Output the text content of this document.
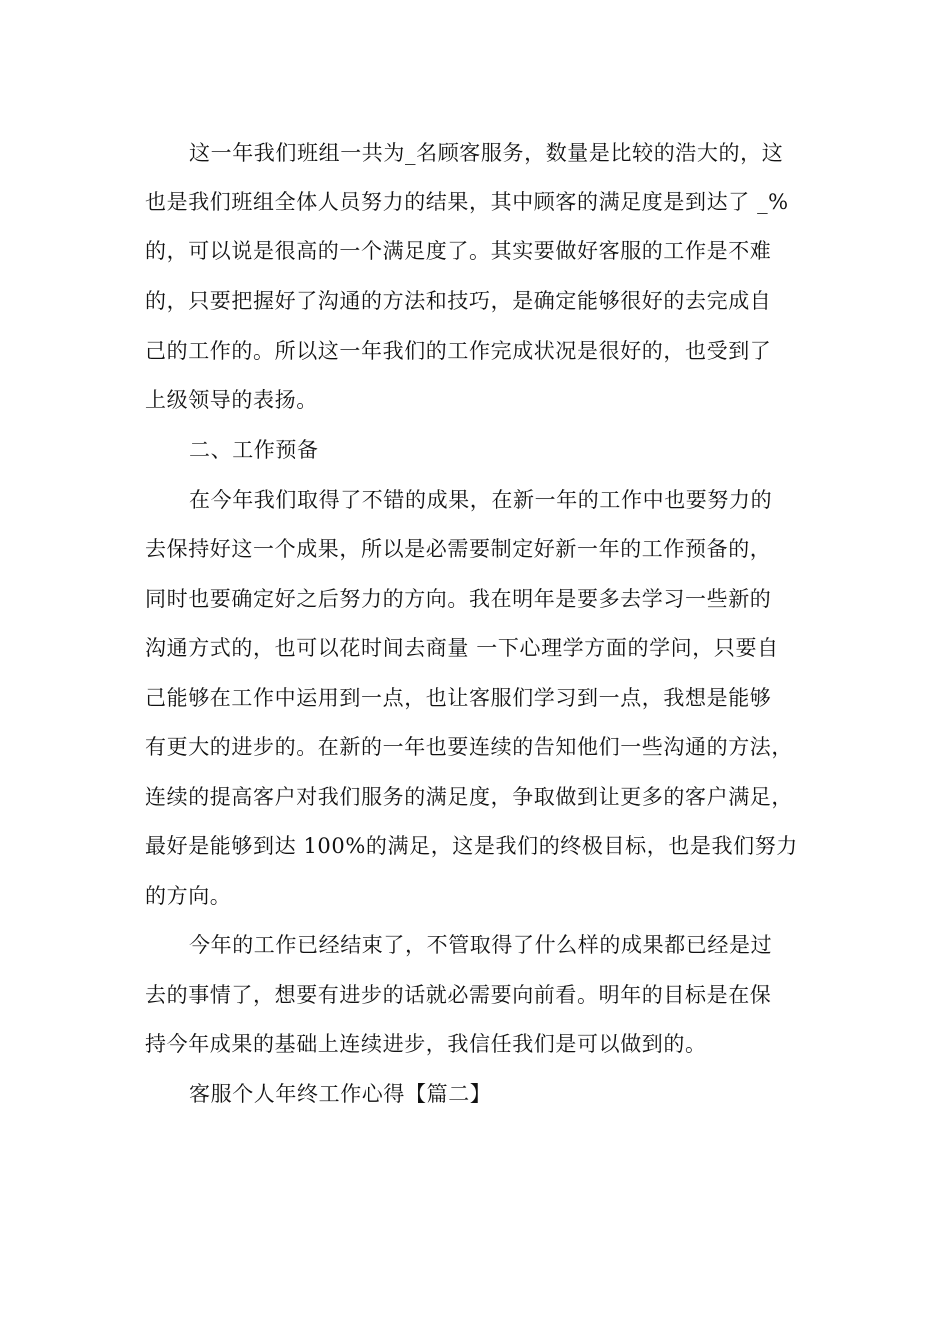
这一年我们班组一共为_名顾客服务，数量是比较的浩大的，这
也是我们班组全体人员努力的结果，其中顾客的满足度是到达了 _%
的，可以说是很高的一个满足度了。其实要做好客服的工作是不难
的，只要把握好了沟通的方法和技巧，是确定能够很好的去完成自
己的工作的。所以这一年我们的工作完成状况是很好的，也受到了
上级领导的表扬。
二、工作预备
在今年我们取得了不错的成果，在新一年的工作中也要努力的
去保持好这一个成果，所以是必需要制定好新一年的工作预备的，
同时也要确定好之后努力的方向。我在明年是要多去学习一些新的
沟通方式的，也可以花时间去商量 一下心理学方面的学问，只要自
己能够在工作中运用到一点，也让客服们学习到一点，我想是能够
有更大的进步的。在新的一年也要连续的告知他们一些沟通的方法，
连续的提高客户对我们服务的满足度，争取做到让更多的客户满足，
最好是能够到达 100%的满足，这是我们的终极目标，也是我们努力
的方向。
今年的工作已经结束了，不管取得了什么样的成果都已经是过
去的事情了，想要有进步的话就必需要向前看。明年的目标是在保
持今年成果的基础上连续进步，我信任我们是可以做到的。
客服个人年终工作心得【篇二】
